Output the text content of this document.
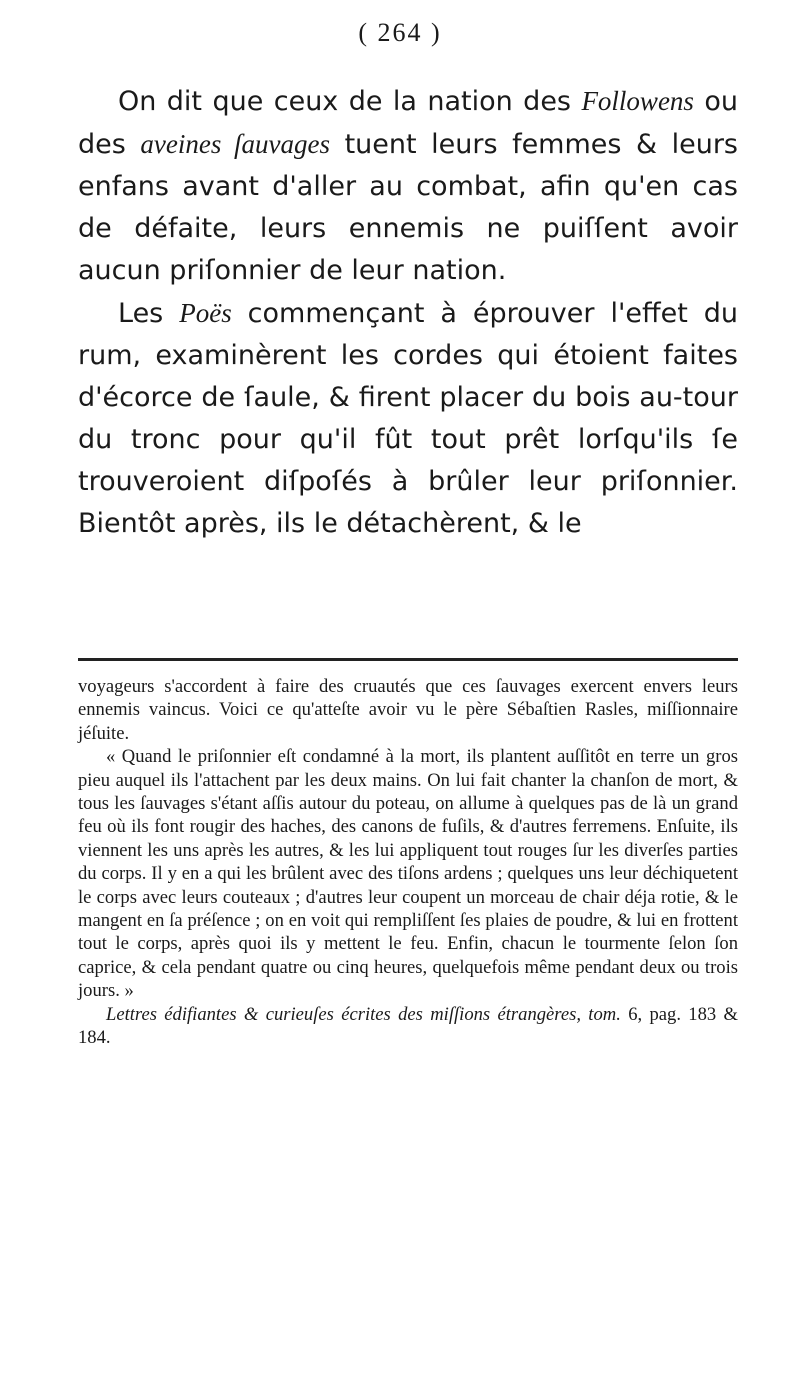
( 264 )

On dit que ceux de la nation des Followens ou des aveines ſauvages tuent leurs femmes & leurs enfans avant d'aller au combat, afin qu'en cas de défaite, leurs ennemis ne puiſſent avoir aucun priſonnier de leur nation.

Les Poës commençant à éprouver l'effet du rum, examinèrent les cordes qui étoient faites d'écorce de ſaule, & firent placer du bois au-tour du tronc pour qu'il fût tout prêt lorſqu'ils ſe trouveroient diſpoſés à brûler leur priſonnier. Bientôt après, ils le détachèrent, & le

voyageurs s'accordent à faire des cruautés que ces ſauvages exercent envers leurs ennemis vaincus. Voici ce qu'atteſte avoir vu le père Sébaſtien Rasles, miſſionnaire jéſuite.

« Quand le priſonnier eſt condamné à la mort, ils plantent auſſitôt en terre un gros pieu auquel ils l'attachent par les deux mains. On lui fait chanter la chanſon de mort, & tous les ſauvages s'étant aſſis autour du poteau, on allume à quelques pas de là un grand feu où ils font rougir des haches, des canons de fuſils, & d'autres ferremens. Enſuite, ils viennent les uns après les autres, & les lui appliquent tout rouges ſur les diverſes parties du corps. Il y en a qui les brûlent avec des tiſons ardens ; quelques uns leur déchiquetent le corps avec leurs couteaux ; d'autres leur coupent un morceau de chair déja rotie, & le mangent en ſa préſence ; on en voit qui rempliſſent ſes plaies de poudre, & lui en frottent tout le corps, après quoi ils y mettent le feu. Enfin, chacun le tourmente ſelon ſon caprice, & cela pendant quatre ou cinq heures, quelquefois même pendant deux ou trois jours. »

Lettres édifiantes & curieuſes écrites des miſſions étrangères, tom. 6, pag. 183 & 184.
